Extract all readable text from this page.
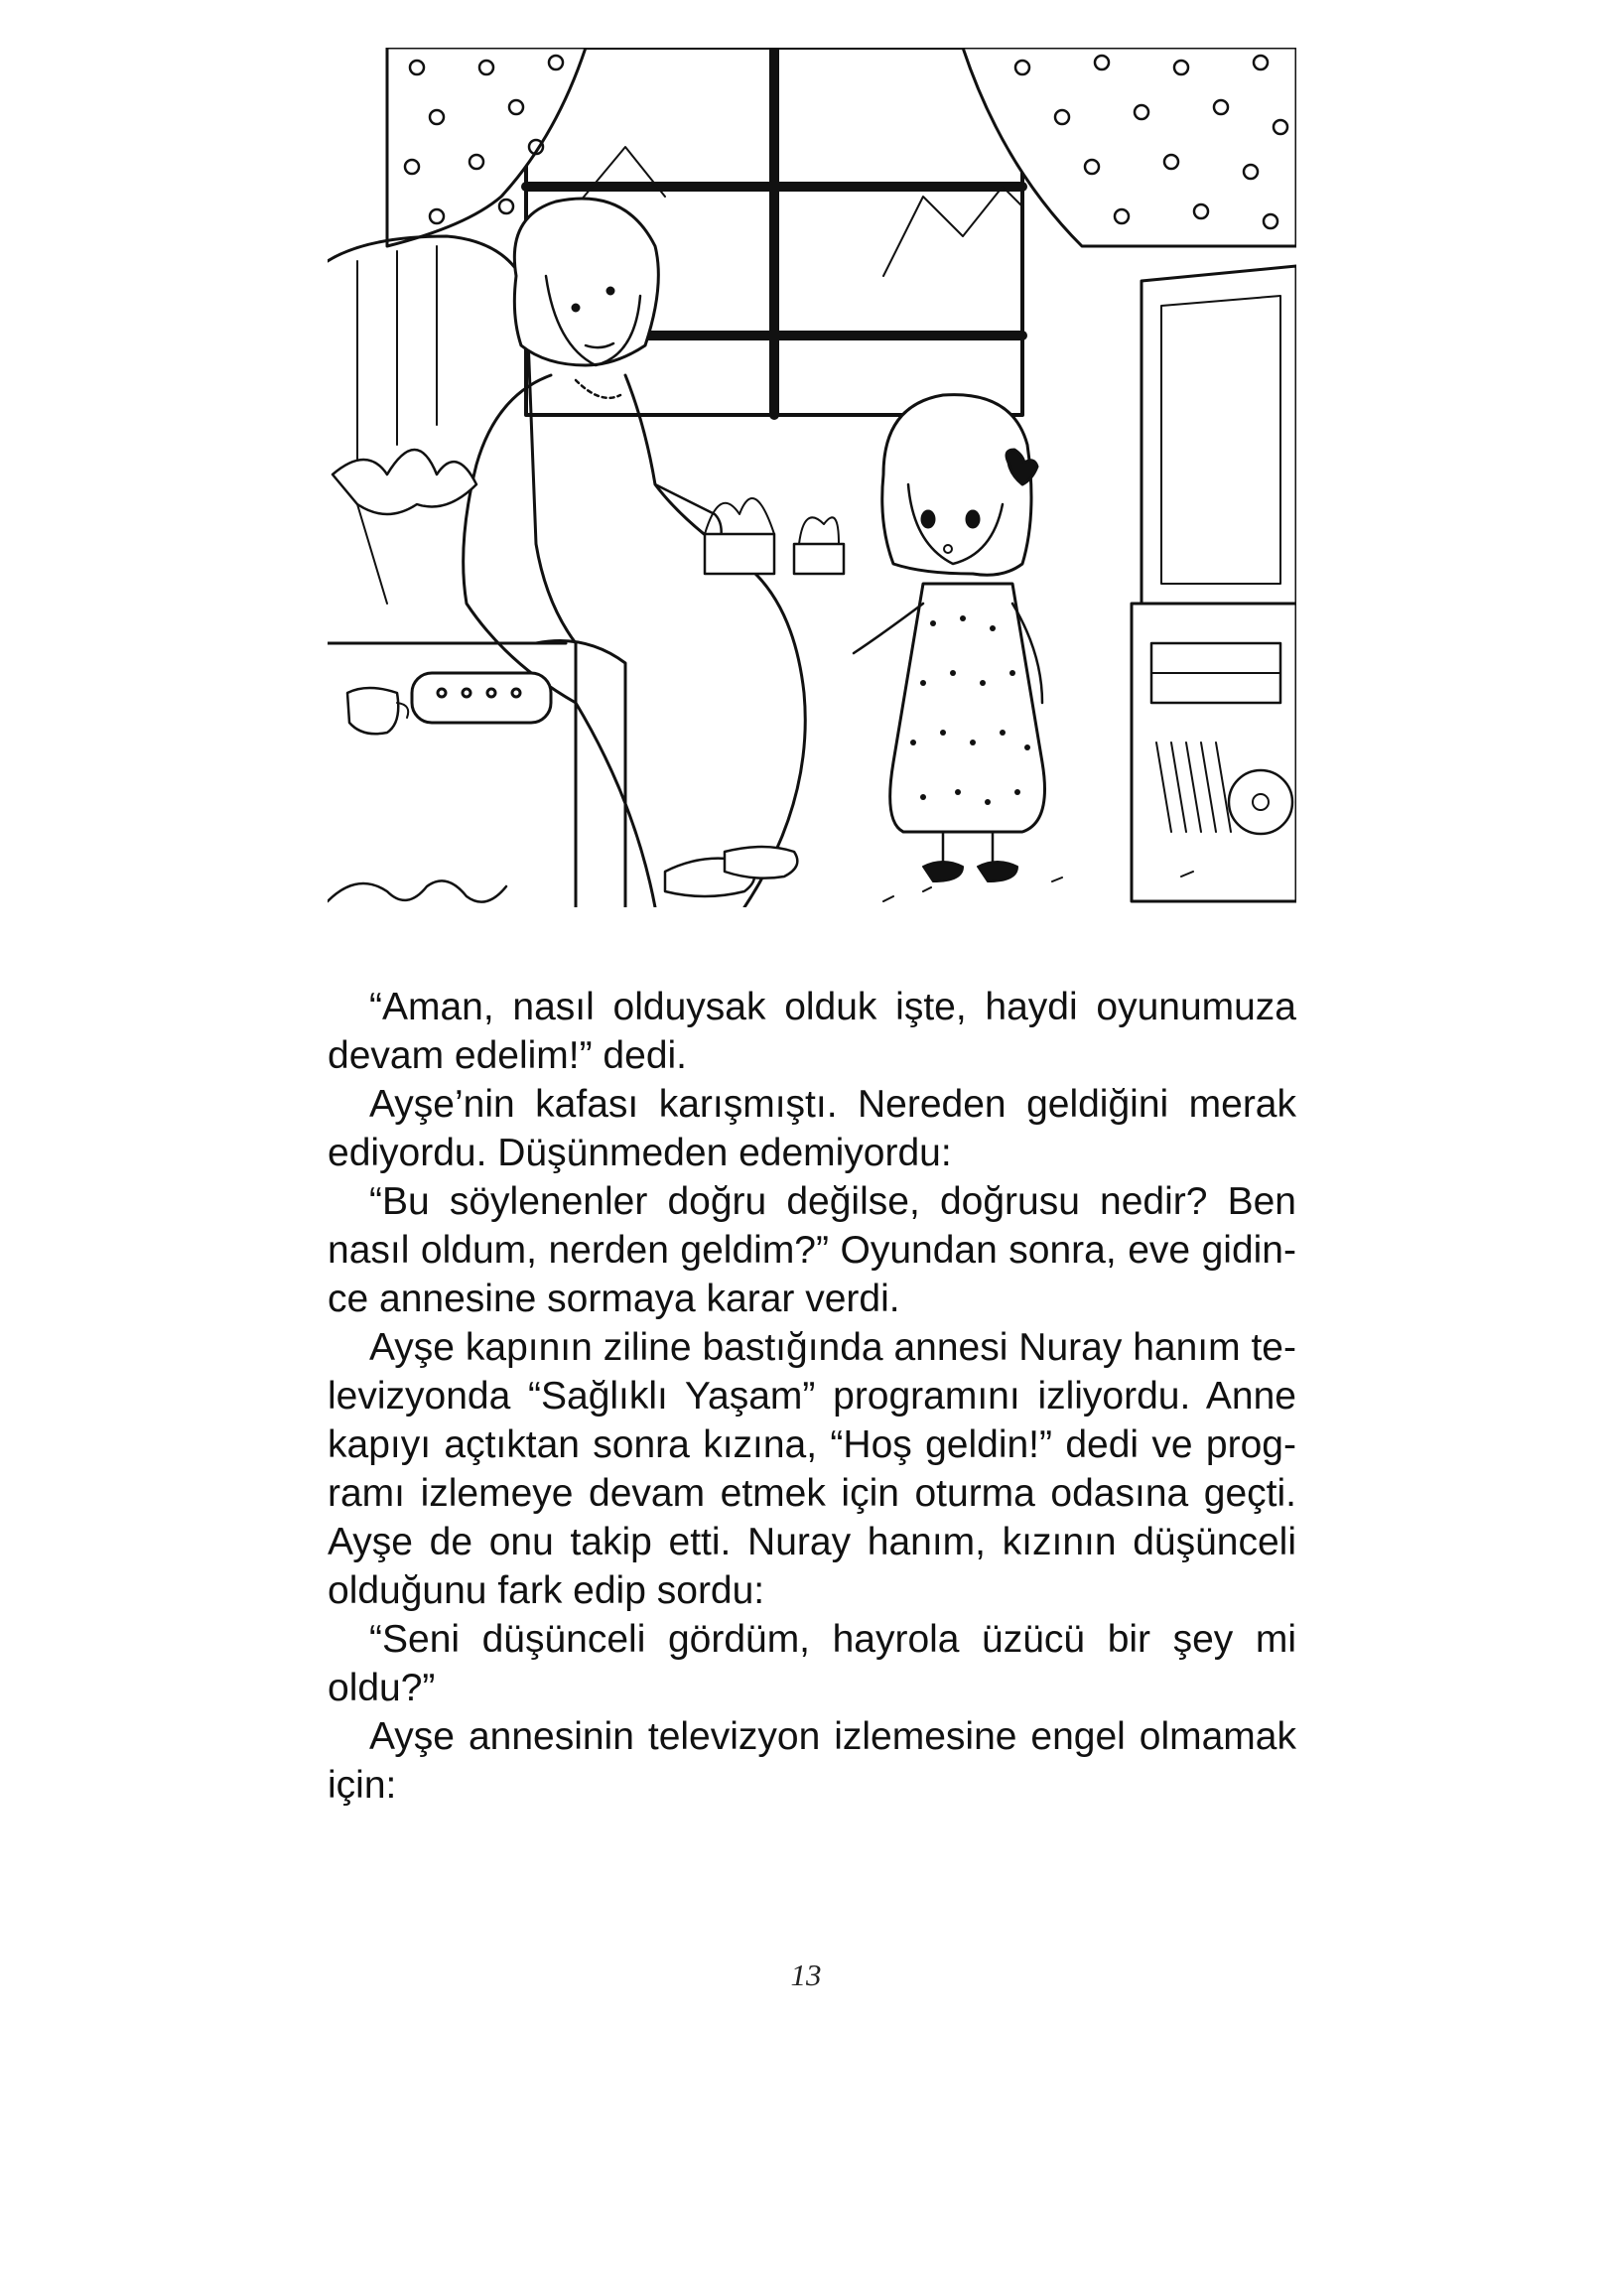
“Aman, nasıl olduysak olduk işte, haydi oyunumuza devam edelim!” dedi.

Ayşe’nin kafası karışmıştı. Nereden geldiğini merak ediyordu. Düşünmeden edemiyordu:

“Bu söylenenler doğru değilse, doğrusu nedir? Ben nasıl oldum, nerden geldim?” Oyundan sonra, eve gidince annesine sormaya karar verdi.

Ayşe kapının ziline bastığında annesi Nuray hanım televizyonda “Sağlıklı Yaşam” programını izliyordu. Anne kapıyı açtıktan sonra kızına, “Hoş geldin!” dedi ve programı izlemeye devam etmek için oturma odasına geçti. Ayşe de onu takip etti. Nuray hanım, kızının düşünceli olduğunu fark edip sordu:

“Seni düşünceli gördüm, hayrola üzücü bir şey mi oldu?”

Ayşe annesinin televizyon izlemesine engel olmamak için:

13
